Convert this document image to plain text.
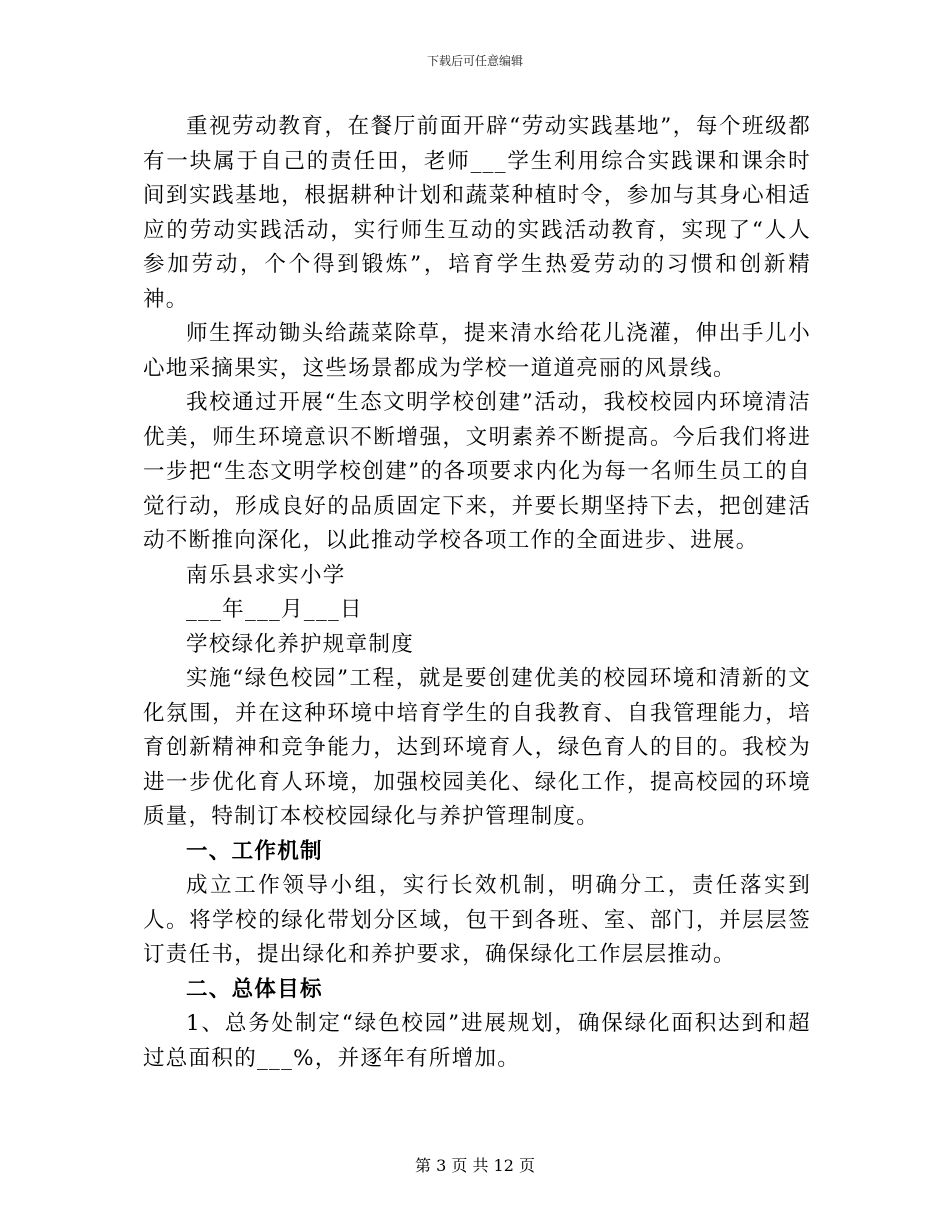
下载后可任意编辑

重视劳动教育，在餐厅前面开辟“劳动实践基地”，每个班级都有一块属于自己的责任田，老师___学生利用综合实践课和课余时间到实践基地，根据耕种计划和蔬菜种植时令，参加与其身心相适应的劳动实践活动，实行师生互动的实践活动教育，实现了“人人参加劳动，个个得到锻炼”，培育学生热爱劳动的习惯和创新精神。

师生挥动锄头给蔬菜除草，提来清水给花儿浇灌，伸出手儿小心地采摘果实，这些场景都成为学校一道道亮丽的风景线。

我校通过开展“生态文明学校创建”活动，我校校园内环境清洁优美，师生环境意识不断增强，文明素养不断提高。今后我们将进一步把“生态文明学校创建”的各项要求内化为每一名师生员工的自觉行动，形成良好的品质固定下来，并要长期坚持下去，把创建活动不断推向深化，以此推动学校各项工作的全面进步、进展。

南乐县求实小学

___年___月___日

学校绿化养护规章制度

实施“绿色校园”工程，就是要创建优美的校园环境和清新的文化氛围，并在这种环境中培育学生的自我教育、自我管理能力，培育创新精神和竞争能力，达到环境育人，绿色育人的目的。我校为进一步优化育人环境，加强校园美化、绿化工作，提高校园的环境质量，特制订本校校园绿化与养护管理制度。

一、工作机制

成立工作领导小组，实行长效机制，明确分工，责任落实到人。将学校的绿化带划分区域，包干到各班、室、部门，并层层签订责任书，提出绿化和养护要求，确保绿化工作层层推动。

二、总体目标

1、总务处制定“绿色校园”进展规划，确保绿化面积达到和超过总面积的___%，并逐年有所增加。

第 3 页 共 12 页
